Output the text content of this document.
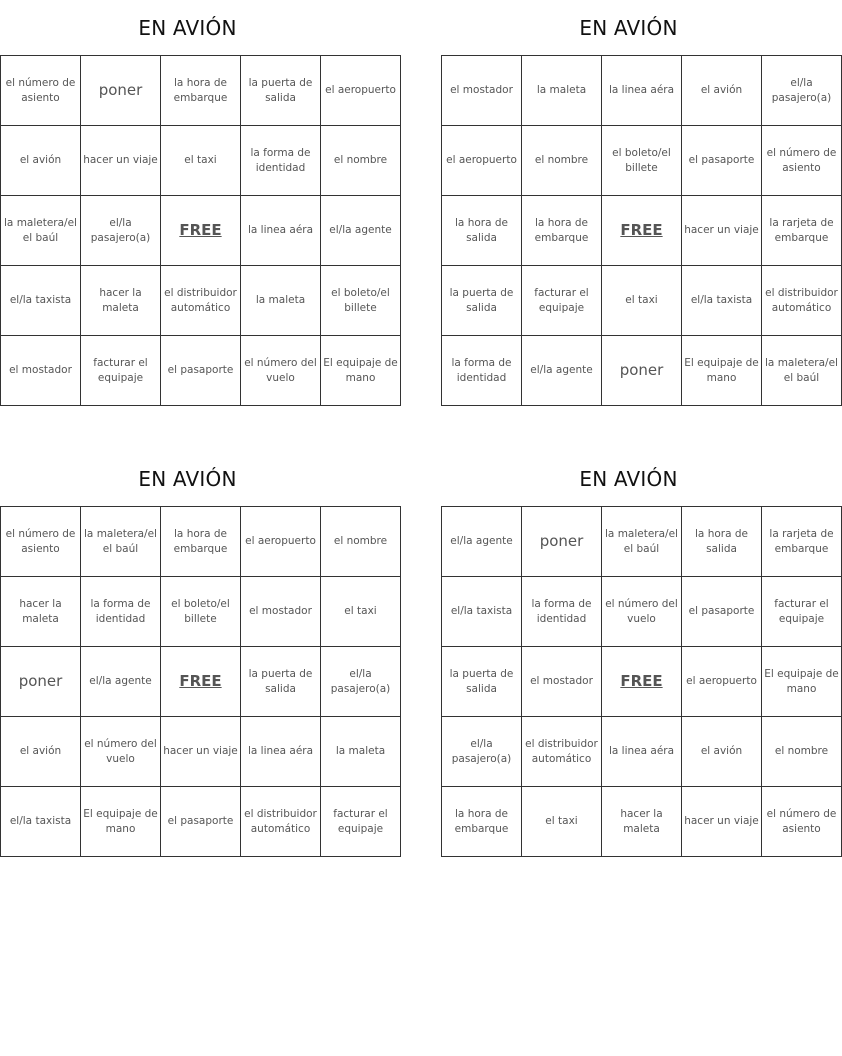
EN AVIÓN
el número de asiento	poner	la hora de embarque	la puerta de salida	el aeropuerto
el avión	hacer un viaje	el taxi	la forma de identidad	el nombre
la maletera/el el baúl	el/la pasajero(a)	FREE	la linea aéra	el/la agente
el/la taxista	hacer la maleta	el distribuidor automático	la maleta	el boleto/el billete
el mostador	facturar el equipaje	el pasaporte	el número del vuelo	El equipaje de mano
EN AVIÓN
el mostador	la maleta	la linea aéra	el avión	el/la pasajero(a)
el aeropuerto	el nombre	el boleto/el billete	el pasaporte	el número de asiento
la hora de salida	la hora de embarque	FREE	hacer un viaje	la rarjeta de embarque
la puerta de salida	facturar el equipaje	el taxi	el/la taxista	el distribuidor automático
la forma de identidad	el/la agente	poner	El equipaje de mano	la maletera/el el baúl
EN AVIÓN
el número de asiento	la maletera/el el baúl	la hora de embarque	el aeropuerto	el nombre
hacer la maleta	la forma de identidad	el boleto/el billete	el mostador	el taxi
poner	el/la agente	FREE	la puerta de salida	el/la pasajero(a)
el avión	el número del vuelo	hacer un viaje	la linea aéra	la maleta
el/la taxista	El equipaje de mano	el pasaporte	el distribuidor automático	facturar el equipaje
EN AVIÓN
el/la agente	poner	la maletera/el el baúl	la hora de salida	la rarjeta de embarque
el/la taxista	la forma de identidad	el número del vuelo	el pasaporte	facturar el equipaje
la puerta de salida	el mostador	FREE	el aeropuerto	El equipaje de mano
el/la pasajero(a)	el distribuidor automático	la linea aéra	el avión	el nombre
la hora de embarque	el taxi	hacer la maleta	hacer un viaje	el número de asiento
